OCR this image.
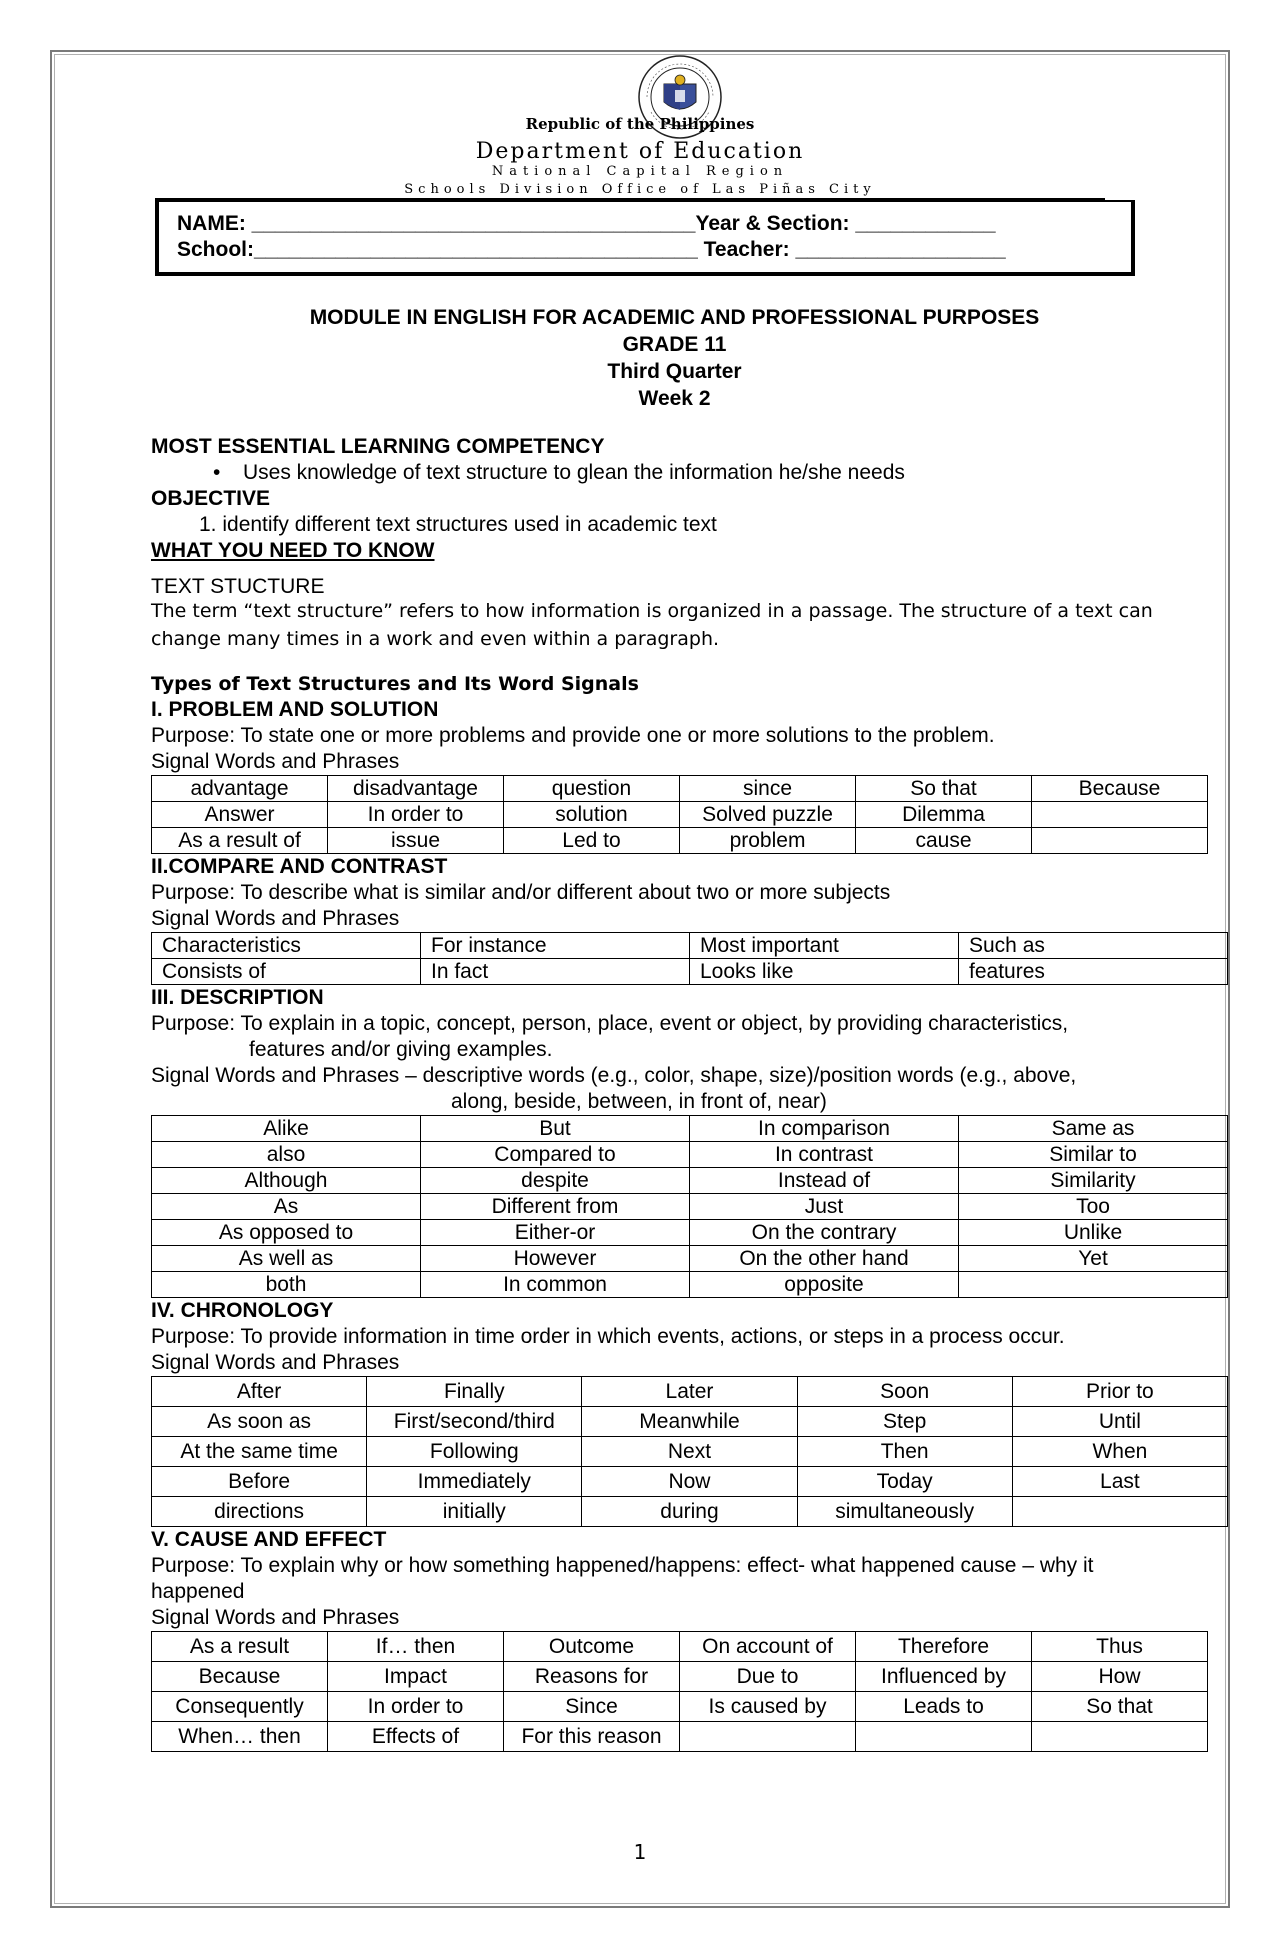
Republic of the Philippines
Department of Education
National Capital Region
Schools Division Office of Las Piñas City
NAME: ______________________________________Year & Section: ____________
School:______________________________________ Teacher: __________________
MODULE IN ENGLISH FOR ACADEMIC AND PROFESSIONAL PURPOSES
GRADE 11
Third Quarter
Week 2
MOST ESSENTIAL LEARNING COMPETENCY
• Uses knowledge of text structure to glean the information he/she needs
OBJECTIVE
1. identify different text structures used in academic text
WHAT YOU NEED TO KNOW
TEXT STUCTURE
The term “text structure” refers to how information is organized in a passage. The structure of a text can change many times in a work and even within a paragraph.
Types of Text Structures and Its Word Signals
I. PROBLEM AND SOLUTION
Purpose: To state one or more problems and provide one or more solutions to the problem.
Signal Words and Phrases
advantage	disadvantage	question	since	So that	Because
Answer	In order to	solution	Solved puzzle	Dilemma	
As a result of	issue	Led to	problem	cause	
II.COMPARE AND CONTRAST
Purpose: To describe what is similar and/or different about two or more subjects
Signal Words and Phrases
Characteristics	For instance	Most important	Such as
Consists of	In fact	Looks like	features
III. DESCRIPTION
Purpose: To explain in a topic, concept, person, place, event or object, by providing characteristics,
features and/or giving examples.
Signal Words and Phrases – descriptive words (e.g., color, shape, size)/position words (e.g., above,
along, beside, between, in front of, near)
Alike	But	In comparison	Same as
also	Compared to	In contrast	Similar to
Although	despite	Instead of	Similarity
As	Different from	Just	Too
As opposed to	Either-or	On the contrary	Unlike
As well as	However	On the other hand	Yet
both	In common	opposite	
IV. CHRONOLOGY
Purpose: To provide information in time order in which events, actions, or steps in a process occur.
Signal Words and Phrases
After	Finally	Later	Soon	Prior to
As soon as	First/second/third	Meanwhile	Step	Until
At the same time	Following	Next	Then	When
Before	Immediately	Now	Today	Last
directions	initially	during	simultaneously	
V. CAUSE AND EFFECT
Purpose: To explain why or how something happened/happens: effect- what happened cause – why it
happened
Signal Words and Phrases
As a result	If… then	Outcome	On account of	Therefore	Thus
Because	Impact	Reasons for	Due to	Influenced by	How
Consequently	In order to	Since	Is caused by	Leads to	So that
When… then	Effects of	For this reason			
1
